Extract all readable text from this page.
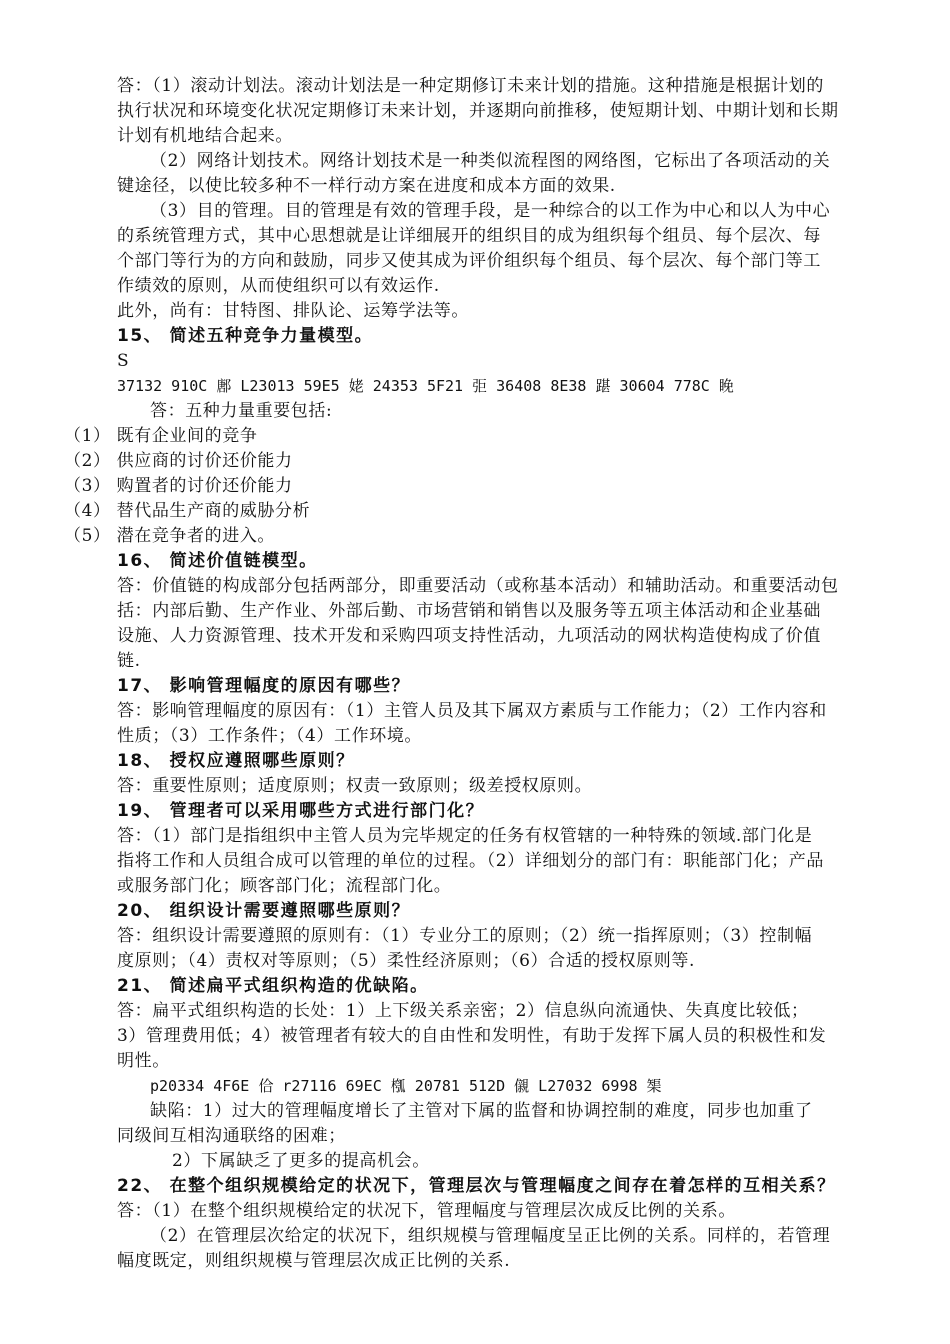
答：（1）滚动计划法。滚动计划法是一种定期修订未来计划的措施。这种措施是根据计划的
执行状况和环境变化状况定期修订未来计划，并逐期向前推移，使短期计划、中期计划和长期
计划有机地结合起来。
（2）网络计划技术。网络计划技术是一种类似流程图的网络图，它标出了各项活动的关
键途径，以使比较多种不一样行动方案在进度和成本方面的效果.
（3）目的管理。目的管理是有效的管理手段，是一种综合的以工作为中心和以人为中心
的系统管理方式，其中心思想就是让详细展开的组织目的成为组织每个组员、每个层次、每
个部门等行为的方向和鼓励，同步又使其成为评价组织每个组员、每个层次、每个部门等工
作绩效的原则，从而使组织可以有效运作.
此外，尚有：甘特图、排队论、运筹学法等。
15、 简述五种竞争力量模型。
S
37132 910C 鄌 L23013 59E5 姥 24353 5F21 弡 36408 8E38 踸 30604 778C 睌
答：五种力量重要包括:
（1） 既有企业间的竞争
（2） 供应商的讨价还价能力
（3） 购置者的讨价还价能力
（4） 替代品生产商的威胁分析
（5） 潜在竞争者的进入。
16、 简述价值链模型。
答：价值链的构成部分包括两部分，即重要活动（或称基本活动）和辅助活动。和重要活动包
括：内部后勤、生产作业、外部后勤、市场营销和销售以及服务等五项主体活动和企业基础
设施、人力资源管理、技术开发和采购四项支持性活动，九项活动的网状构造使构成了价值
链.
17、 影响管理幅度的原因有哪些？
答：影响管理幅度的原因有：（1）主管人员及其下属双方素质与工作能力；（2）工作内容和
性质；（3）工作条件；（4）工作环境。
18、 授权应遵照哪些原则？
答：重要性原则；适度原则；权责一致原则；级差授权原则。
19、 管理者可以采用哪些方式进行部门化？
答：（1）部门是指组织中主管人员为完毕规定的任务有权管辖的一种特殊的领域.部门化是
指将工作和人员组合成可以管理的单位的过程。（2）详细划分的部门有：职能部门化；产品
或服务部门化；顾客部门化；流程部门化。
20、 组织设计需要遵照哪些原则？
答：组织设计需要遵照的原则有：（1）专业分工的原则；（2）统一指挥原则；（3）控制幅
度原则；（4）责权对等原则；（5）柔性经济原则；（6）合适的授权原则等.
21、 简述扁平式组织构造的优缺陷。
答：扁平式组织构造的长处：1）上下级关系亲密；2）信息纵向流通快、失真度比较低；
3）管理费用低；4）被管理者有较大的自由性和发明性，有助于发挥下属人员的积极性和发
明性。
p20334 4F6E 佮 r27116 69EC 槬 20781 512D 儭 L27032 6998 榘
缺陷：1）过大的管理幅度增长了主管对下属的监督和协调控制的难度，同步也加重了
同级间互相沟通联络的困难；
2）下属缺乏了更多的提高机会。
22、 在整个组织规模给定的状况下，管理层次与管理幅度之间存在着怎样的互相关系？
答：（1）在整个组织规模给定的状况下，管理幅度与管理层次成反比例的关系。
（2）在管理层次给定的状况下，组织规模与管理幅度呈正比例的关系。同样的，若管理
幅度既定，则组织规模与管理层次成正比例的关系.
